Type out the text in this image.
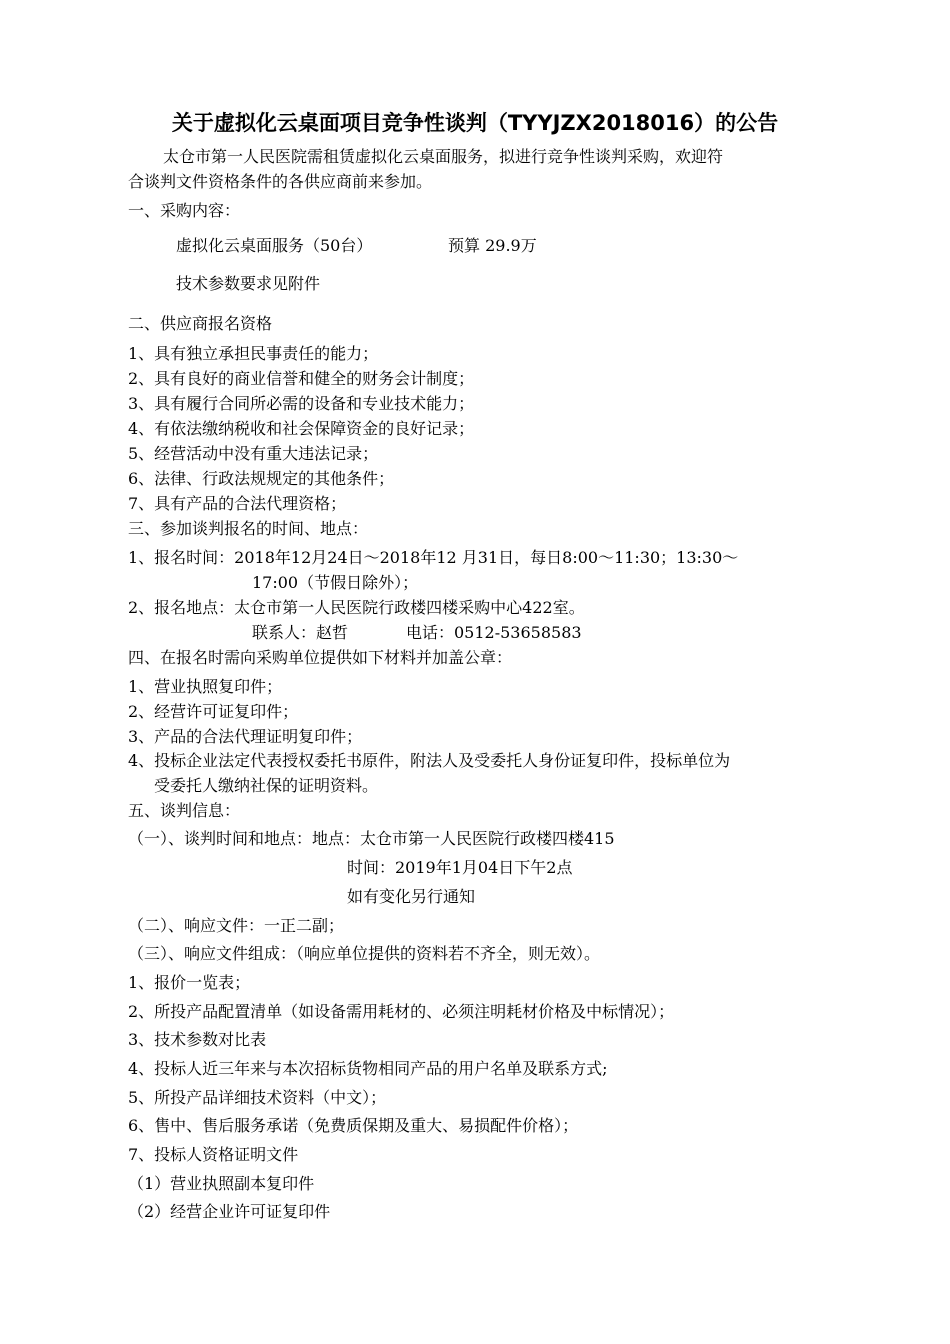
关于虚拟化云桌面项目竞争性谈判（TYYJZX2018016）的公告
太仓市第一人民医院需租赁虚拟化云桌面服务，拟进行竞争性谈判采购，欢迎符
合谈判文件资格条件的各供应商前来参加。
一、采购内容：
虚拟化云桌面服务（50台）	预算 29.9万
技术参数要求见附件
二、供应商报名资格
1、具有独立承担民事责任的能力；
2、具有良好的商业信誉和健全的财务会计制度；
3、具有履行合同所必需的设备和专业技术能力；
4、有依法缴纳税收和社会保障资金的良好记录；
5、经营活动中没有重大违法记录；
6、法律、行政法规规定的其他条件；
7、具有产品的合法代理资格；
三、参加谈判报名的时间、地点：
1、报名时间：2018年12月24日～2018年12 月31日，每日8:00～11:30；13:30～
17:00（节假日除外）；
2、报名地点：太仓市第一人民医院行政楼四楼采购中心422室。
联系人：赵哲	电话：0512-53658583
四、在报名时需向采购单位提供如下材料并加盖公章：
1、营业执照复印件；
2、经营许可证复印件；
3、产品的合法代理证明复印件；
4、投标企业法定代表授权委托书原件，附法人及受委托人身份证复印件，投标单位为
受委托人缴纳社保的证明资料。
五、谈判信息：
（一）、谈判时间和地点：地点：太仓市第一人民医院行政楼四楼415
时间：2019年1月04日下午2点
如有变化另行通知
（二）、响应文件：一正二副；
（三）、响应文件组成：（响应单位提供的资料若不齐全，则无效）。
1、报价一览表；
2、所投产品配置清单（如设备需用耗材的、必须注明耗材价格及中标情况）；
3、技术参数对比表
4、投标人近三年来与本次招标货物相同产品的用户名单及联系方式;
5、所投产品详细技术资料（中文）；
6、售中、售后服务承诺（免费质保期及重大、易损配件价格）；
7、投标人资格证明文件
（1）营业执照副本复印件
（2）经营企业许可证复印件
